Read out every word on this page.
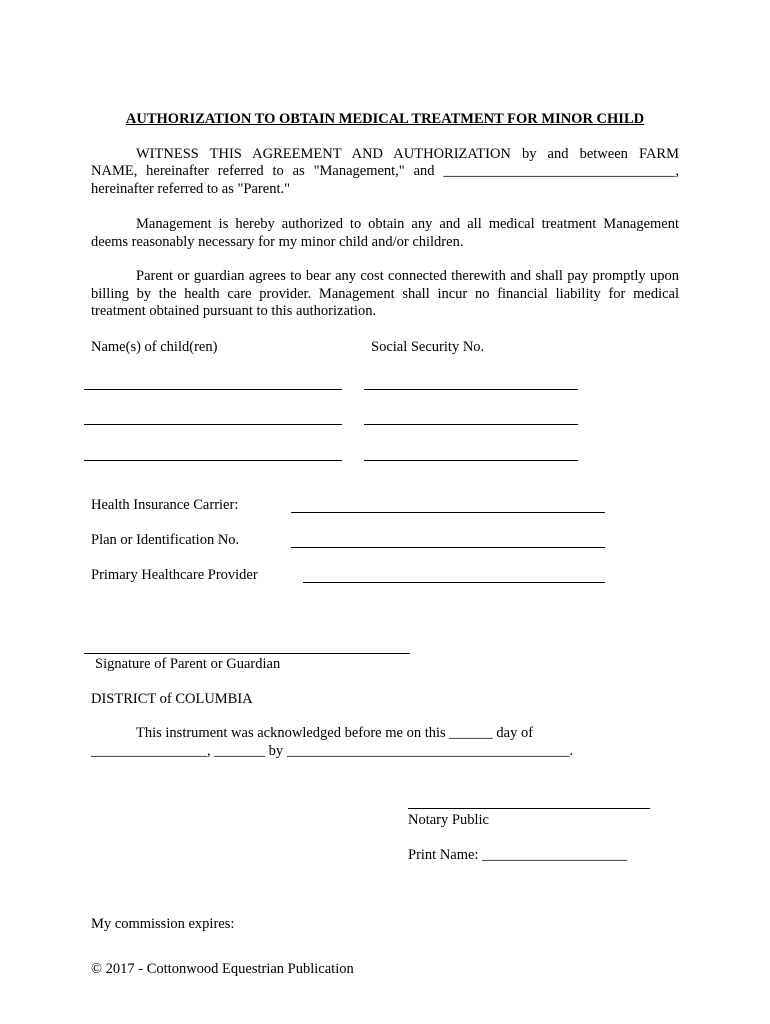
AUTHORIZATION TO OBTAIN MEDICAL TREATMENT FOR MINOR CHILD
WITNESS THIS AGREEMENT AND AUTHORIZATION by and between FARM
NAME, hereinafter referred to as "Management," and ________________________________,
hereinafter referred to as "Parent."
Management is hereby authorized to obtain any and all medical treatment Management deems reasonably necessary for my minor child and/or children.
Parent or guardian agrees to bear any cost connected therewith and shall pay promptly upon billing by the health care provider. Management shall incur no financial liability for medical treatment obtained pursuant to this authorization.
Name(s) of child(ren)	Social Security No.
Health Insurance Carrier:
Plan or Identification No.
Primary Healthcare Provider
Signature of Parent or Guardian
DISTRICT of COLUMBIA
This instrument was acknowledged before me on this ______ day of
________________, _______ by _______________________________________.
Notary Public
Print Name: ____________________
My commission expires:
© 2017 - Cottonwood Equestrian Publication
